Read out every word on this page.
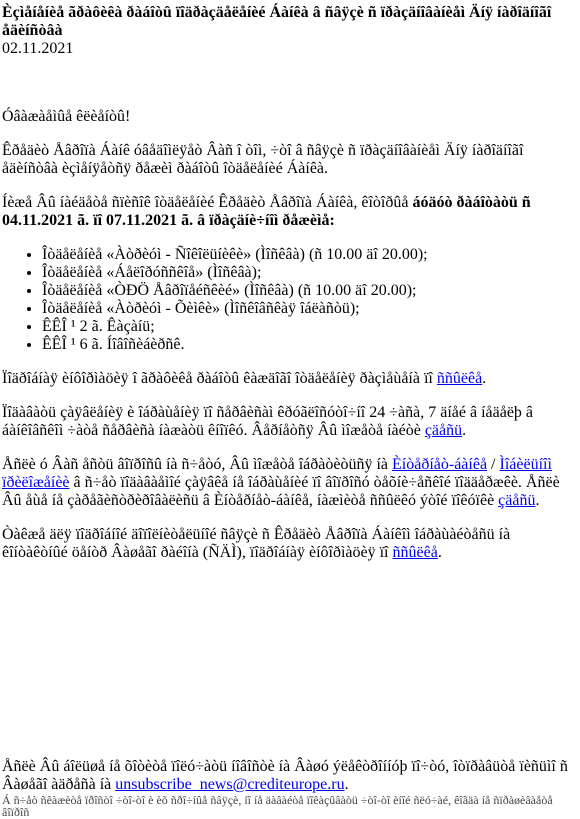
Èçìåíåíèå ãðàôèêà ðàáîòû ïîäðàçäåëåíèé Áàíêà â ñâÿçè ñ ïðàçäíîâàíèåì Äíÿ íàðîäíîãî åäèíñòâà
02.11.2021

Óâàæàåìûå êëèåíòû!

Êðåäèò Åâðîïà Áàíê óâåäîìëÿåò Âàñ î òîì, ÷òî â ñâÿçè ñ ïðàçäíîâàíèåì Äíÿ íàðîäíîãî åäèíñòâà èçìåíÿåòñÿ ðåæèì ðàáîòû îòäåëåíèé Áàíêà.

Íèæå Âû íàéäåòå ñïèñîê îòäåëåíèé Êðåäèò Åâðîïà Áàíêà, êîòîðûå áóäóò ðàáîòàòü ñ 04.11.2021 ã. ïî 07.11.2021 ã. â ïðàçäíè÷íîì ðåæèìå:

• Îòäåëåíèå «Àòðèóì - Ñîêîëüíèêè» (Ìîñêâà) (ñ 10.00 äî 20.00);
• Îòäåëåíèå «Áåëîðóññêîå» (Ìîñêâà);
• Îòäåëåíèå «ÒÐÖ Åâðîïåéñêèé» (Ìîñêâà) (ñ 10.00 äî 20.00);
• Îòäåëåíèå «Àòðèóì - Õèìêè» (Ìîñêîâñêàÿ îáëàñòü);
• ÊÊÎ ¹ 2 ã. Êàçàíü;
• ÊÊÎ ¹ 6 ã. Íîâîñèáèðñê.

Ïîäðîáíàÿ èíôîðìàöèÿ î ãðàôèêå ðàáîòû êàæäîãî îòäåëåíèÿ ðàçìåùåíà ïî ññûëêå.

Ïîäàâàòü çàÿâëåíèÿ è îáðàùåíèÿ ïî ñåðâèñàì êðóãëîñóòî÷íî 24 ÷àñà, 7 äíåé â íåäåëþ â áàíêîâñêîì ÷àòå ñåðâèñà íàæàòü êíîïêó. Âåðíåòñÿ Âû ìîæåòå íàéòè çäåñü.

Åñëè ó Âàñ åñòü âîïðîñû íà ñ÷åòó, Âû ìîæåòå îáðàòèòüñÿ íà Èíòåðíåò-áàíêå / Ìîáèëüíîì ïðèëîæåíèè â ñ÷åò ïîäàâàåìîé çàÿâêå íå îáðàùåíèé ïî âîïðîñó òåõíè÷åñêîé ïîääåðæêè. Åñëè Âû åùå íå çàðåãèñòðèðîâàëèñü â Èíòåðíåò-áàíêå, íàæìèòå ññûëêó ýòîé ïîêóïêè çäåñü.

Òàêæå äëÿ ïîäðîáíîé äîïîëíèòåëüíîé ñâÿçè ñ Êðåäèò Åâðîïà Áàíêîì îáðàùàéòåñü íà êîíòàêòíûé öåíòð Âàøåãî ðàéîíà (ÑÄÌ), ïîäðîáíàÿ èíôîðìàöèÿ ïî ññûëêå.

Åñëè Âû áîëüøå íå õîòèòå ïîëó÷àòü íîâîñòè íà Âàøó ýëåêòðîííóþ ïî÷òó, îòïðàâüòå ïèñüìî ñ Âàøåãî àäðåñà íà unsubscribe_news@crediteurope.ru.

Á ñ÷åò ñêàæèòå ïðîñòî ÷òî-òî è èõ ñðî÷íûå ñâÿçè, íî íå äàâàéòå ïîêàçûâàòü ÷òî-òî èíîé ñëó÷àé, êîãäà íå ñïðàøèâàåòå âîïðîñ
